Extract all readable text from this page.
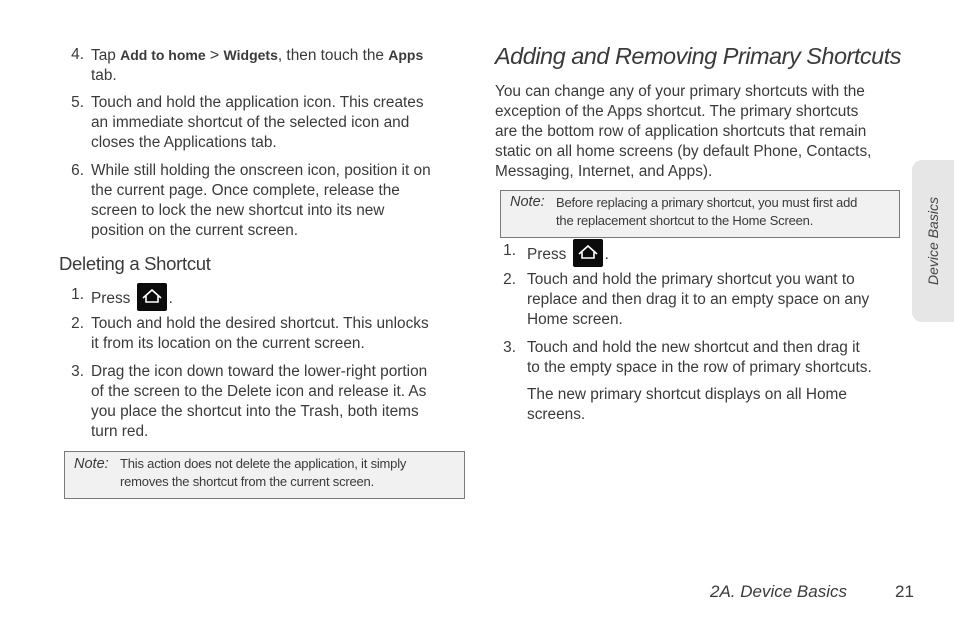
4. Tap Add to home > Widgets, then touch the Apps
tab.
5. Touch and hold the application icon. This creates
an immediate shortcut of the selected icon and
closes the Applications tab.
6. While still holding the onscreen icon, position it on
the current page. Once complete, release the
screen to lock the new shortcut into its new
position on the current screen.
Deleting a Shortcut
1. Press .
2. Touch and hold the desired shortcut. This unlocks
it from its location on the current screen.
3. Drag the icon down toward the lower-right portion
of the screen to the Delete icon and release it. As
you place the shortcut into the Trash, both items
turn red.
Note: This action does not delete the application, it simply
removes the shortcut from the current screen.
Adding and Removing Primary Shortcuts
You can change any of your primary shortcuts with the
exception of the Apps shortcut. The primary shortcuts
are the bottom row of application shortcuts that remain
static on all home screens (by default Phone, Contacts,
Messaging, Internet, and Apps).
Note: Before replacing a primary shortcut, you must first add
the replacement shortcut to the Home Screen.
1. Press .
2. Touch and hold the primary shortcut you want to
replace and then drag it to an empty space on any
Home screen.
3. Touch and hold the new shortcut and then drag it
to the empty space in the row of primary shortcuts.
The new primary shortcut displays on all Home
screens.
Device Basics
2A. Device Basics	21
